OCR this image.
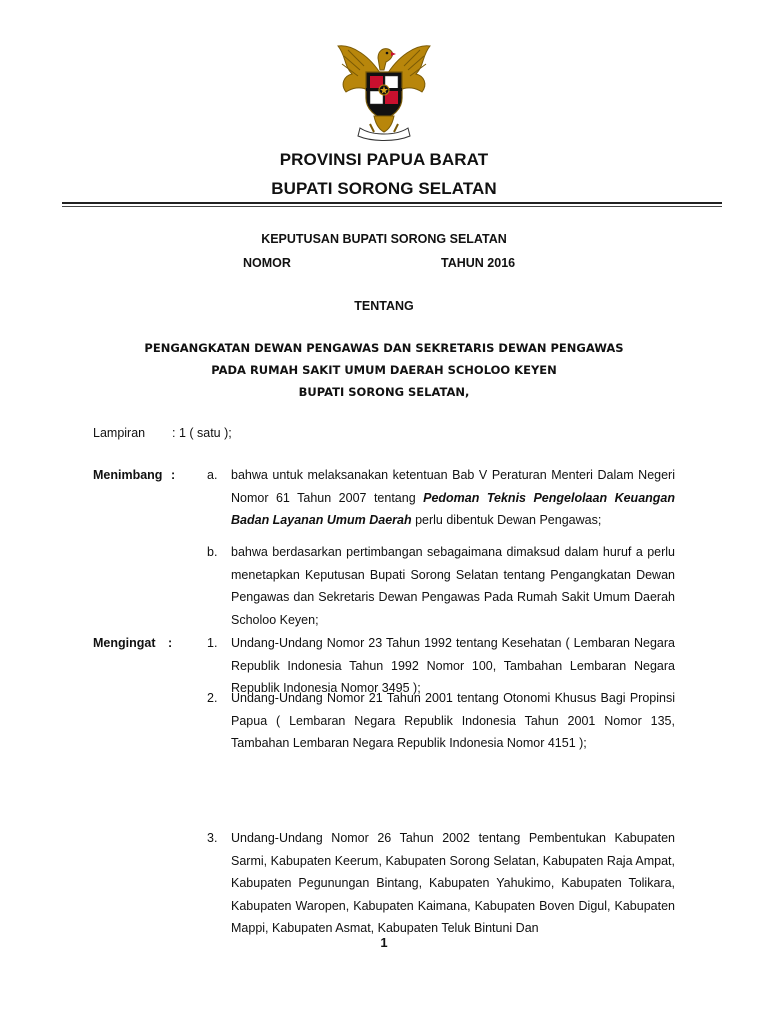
PROVINSI PAPUA BARAT
BUPATI SORONG SELATAN
KEPUTUSAN BUPATI SORONG SELATAN
NOMOR	TAHUN 2016
TENTANG
PENGANGKATAN DEWAN PENGAWAS DAN SEKRETARIS DEWAN PENGAWAS
PADA RUMAH SAKIT UMUM DAERAH SCHOLOO KEYEN
BUPATI SORONG SELATAN,
Lampiran : 1 ( satu );
Menimbang :	a. bahwa untuk melaksanakan ketentuan Bab V Peraturan Menteri Dalam Negeri Nomor 61 Tahun 2007 tentang Pedoman Teknis Pengelolaan Keuangan Badan Layanan Umum Daerah perlu dibentuk Dewan Pengawas;
b. bahwa berdasarkan pertimbangan sebagaimana dimaksud dalam huruf a perlu menetapkan Keputusan Bupati Sorong Selatan tentang Pengangkatan Dewan Pengawas dan Sekretaris Dewan Pengawas Pada Rumah Sakit Umum Daerah Scholoo Keyen;
Mengingat :	1. Undang-Undang Nomor 23 Tahun 1992 tentang Kesehatan ( Lembaran Negara Republik Indonesia Tahun 1992 Nomor 100, Tambahan Lembaran Negara Republik Indonesia Nomor 3495 );
2. Undang-Undang Nomor 21 Tahun 2001 tentang Otonomi Khusus Bagi Propinsi Papua ( Lembaran Negara Republik Indonesia Tahun 2001 Nomor 135, Tambahan Lembaran Negara Republik Indonesia Nomor 4151 );
3. Undang-Undang Nomor 26 Tahun 2002 tentang Pembentukan Kabupaten Sarmi, Kabupaten Keerum, Kabupaten Sorong Selatan, Kabupaten Raja Ampat, Kabupaten Pegunungan Bintang, Kabupaten Yahukimo, Kabupaten Tolikara, Kabupaten Waropen, Kabupaten Kaimana, Kabupaten Boven Digul, Kabupaten Mappi, Kabupaten Asmat, Kabupaten Teluk Bintuni Dan
1
